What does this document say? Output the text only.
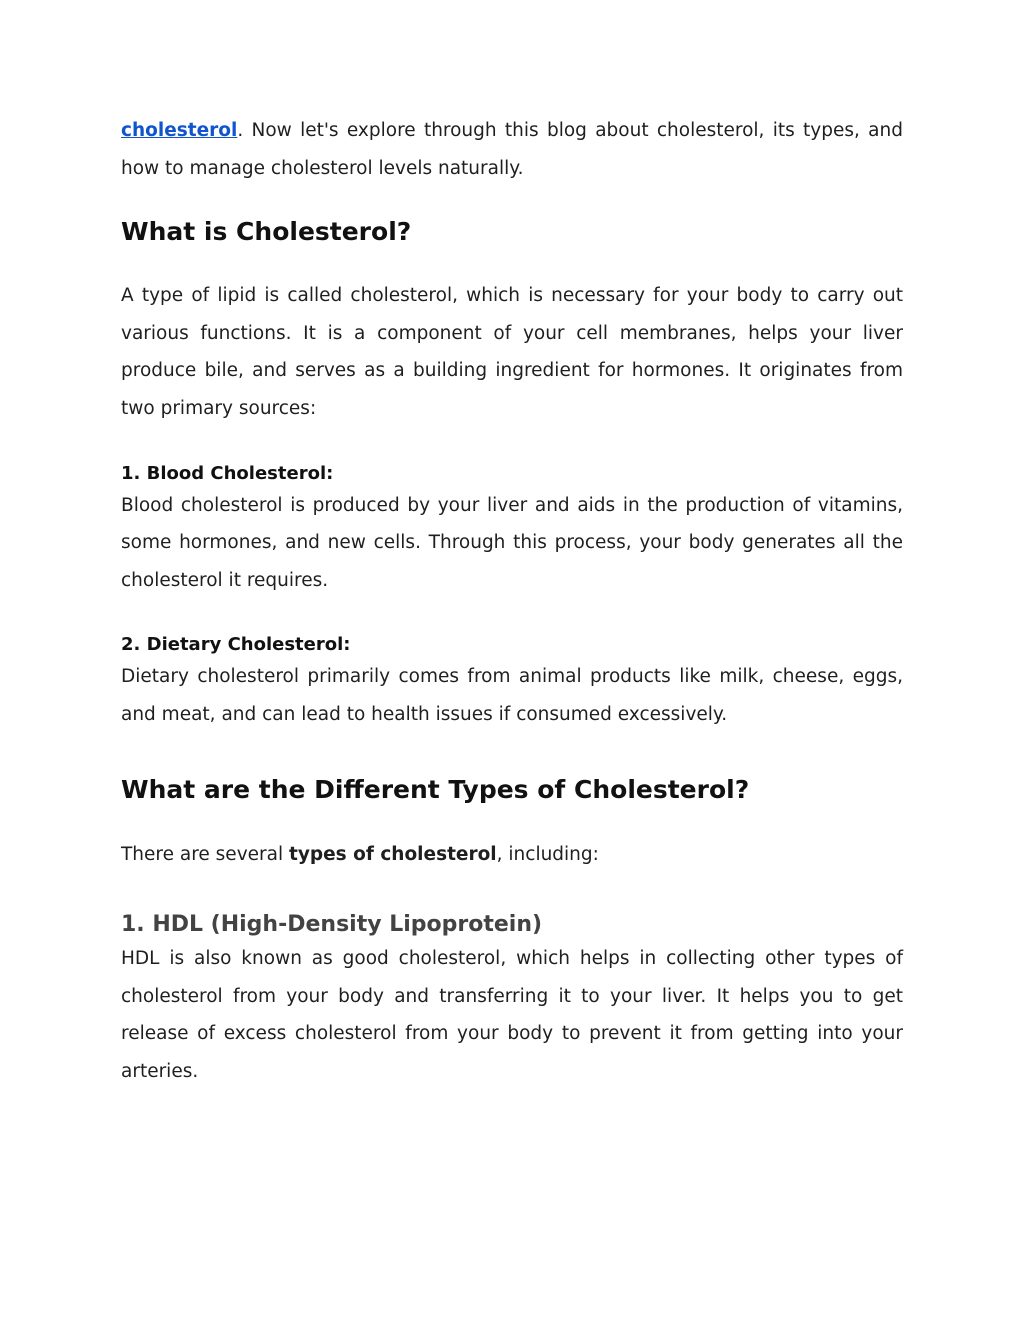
cholesterol. Now let's explore through this blog about cholesterol, its types, and how to manage cholesterol levels naturally.

What is Cholesterol?

A type of lipid is called cholesterol, which is necessary for your body to carry out various functions. It is a component of your cell membranes, helps your liver produce bile, and serves as a building ingredient for hormones. It originates from two primary sources:

1. Blood Cholesterol:

Blood cholesterol is produced by your liver and aids in the production of vitamins, some hormones, and new cells. Through this process, your body generates all the cholesterol it requires.

2. Dietary Cholesterol:

Dietary cholesterol primarily comes from animal products like milk, cheese, eggs, and meat, and can lead to health issues if consumed excessively.

What are the Different Types of Cholesterol?

There are several types of cholesterol, including:

1. HDL (High-Density Lipoprotein)

HDL is also known as good cholesterol, which helps in collecting other types of cholesterol from your body and transferring it to your liver. It helps you to get release of excess cholesterol from your body to prevent it from getting into your arteries.
